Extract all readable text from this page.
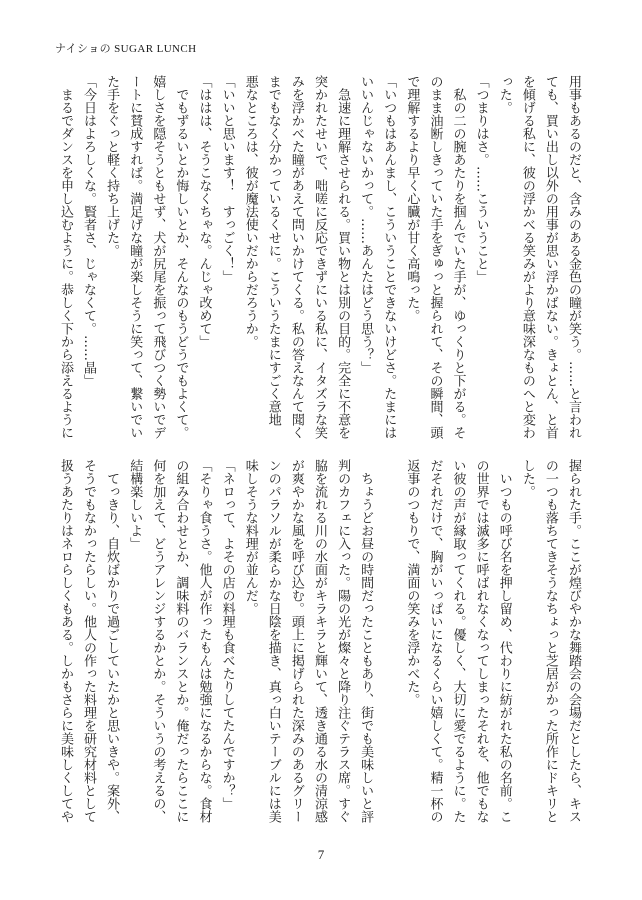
ナイショの SUGAR LUNCH
用事もあるのだと、含みのある金色の瞳が笑う。……と言われ
ても、買い出し以外の用事が思い浮かばない。きょとん、と首
を傾げる私に、彼の浮かべる笑みがより意味深なものへと変わ
った。
「つまりはさ。……こういうこと」
　私の二の腕あたりを掴んでいた手が、ゆっくりと下がる。そ
のまま油断しきっていた手をぎゅっと握られて、その瞬間、頭
で理解するより早く心臓が甘く高鳴った。
「いつもはあんまし、こういうことできないけどさ。たまには
いいんじゃないかって。……あんたはどう思う？」
　急速に理解させられる。買い物とは別の目的。完全に不意を
突かれたせいで、咄嗟に反応できずにいる私に、イタズラな笑
みを浮かべた瞳があえて問いかけてくる。私の答えなんて聞く
までもなく分かっているくせに。こういうたまにすごく意地
悪なところは、彼が魔法使いだからだろうか。
「いいと思います！　すっごく！」
「ははは、そうこなくちゃな。んじゃ改めて」
　でもずるいとか悔しいとか、そんなのもうどうでもよくて。
嬉しさを隠そうともせず、犬が尻尾を振って飛びつく勢いでデ
ートに賛成すれば。満足げな瞳が楽しそうに笑って、繋いでい
た手をぐっと軽く持ち上げた。
「今日はよろしくな。賢者さ、じゃなくて。……晶」
　まるでダンスを申し込むように。恭しく下から添えるように
握られた手。ここが煌びやかな舞踏会の会場だとしたら、キス
の一つも落ちてきそうなちょっと芝居がかった所作にドキリと
した。
　いつもの呼び名を押し留め、代わりに紡がれた私の名前。こ
の世界では滅多に呼ばれなくなってしまったそれを、他でもな
い彼の声が縁取ってくれる。優しく、大切に愛でるように。た
だそれだけで、胸がいっぱいになるくらい嬉しくて。精一杯の
返事のつもりで、満面の笑みを浮かべた。
　ちょうどお昼の時間だったこともあり、街でも美味しいと評
判のカフェに入った。陽の光が燦々と降り注ぐテラス席。すぐ
脇を流れる川の水面がキラキラと輝いて、透き通る水の清涼感
が爽やかな風を呼び込む。頭上に掲げられた深みのあるグリー
ンのパラソルが柔らかな日陰を描き、真っ白いテーブルには美
味しそうな料理が並んだ。
「ネロって、よその店の料理も食べたりしてたんですか？」
「そりゃ食うさ。他人が作ったもんは勉強になるからな。食材
の組み合わせとか、調味料のバランスとか。俺だったらここに
何を加えて、どうアレンジするかとか。そういうの考えるの、
結構楽しいよ」
　てっきり、自炊ばかりで過ごしていたかと思いきや。案外、
そうでもなかったらしい。他人の作った料理を研究材料として
扱うあたりはネロらしくもある。しかもさらに美味しくしてや
7
